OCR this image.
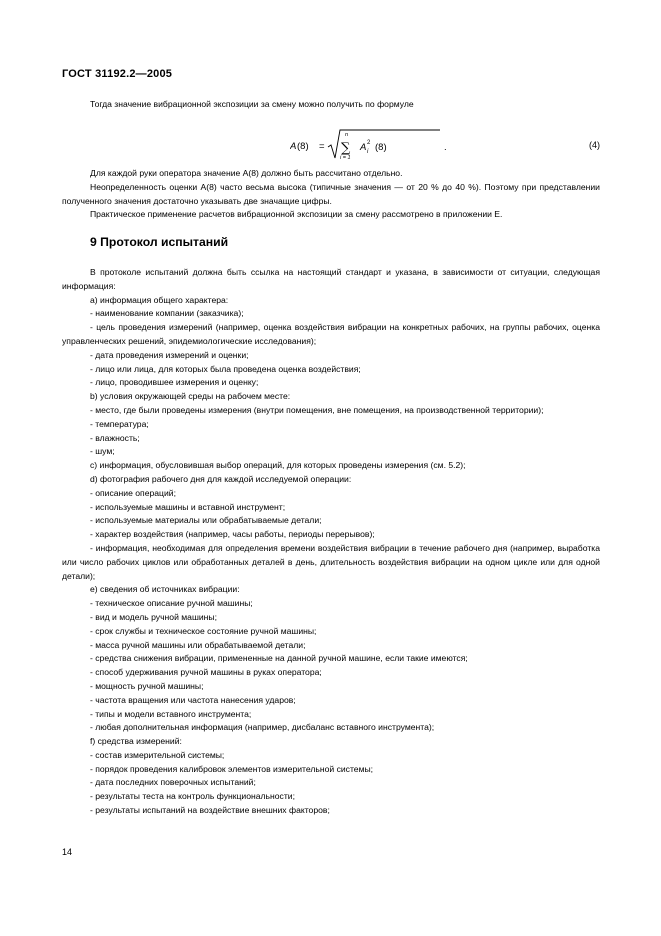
ГОСТ 31192.2—2005

Тогда значение вибрационной экспозиции за смену можно получить по формуле

A (8) =
n
∑
i = 1
A 2
i (8)	.	(4)

Для каждой руки оператора значение A(8) должно быть рассчитано отдельно.

Неопределенность оценки A(8) часто весьма высока (типичные значения — от 20 % до 40 %). Поэтому при представлении полученного значения достаточно указывать две значащие цифры.

Практическое применение расчетов вибрационной экспозиции за смену рассмотрено в приложении Е.

9 Протокол испытаний

В протоколе испытаний должна быть ссылка на настоящий стандарт и указана, в зависимости от ситуации, следующая информация:

а) информация общего характера:

- наименование компании (заказчика);

- цель проведения измерений (например, оценка воздействия вибрации на конкретных рабочих, на группы рабочих, оценка управленческих решений, эпидемиологические исследования);

- дата проведения измерений и оценки;

- лицо или лица, для которых была проведена оценка воздействия;

- лицо, проводившее измерения и оценку;

b) условия окружающей среды на рабочем месте:

- место, где были проведены измерения (внутри помещения, вне помещения, на производственной территории);

- температура;

- влажность;

- шум;

c) информация, обусловившая выбор операций, для которых проведены измерения (см. 5.2);

d) фотография рабочего дня для каждой исследуемой операции:

- описание операций;

- используемые машины и вставной инструмент;

- используемые материалы или обрабатываемые детали;

- характер воздействия (например, часы работы, периоды перерывов);

- информация, необходимая для определения времени воздействия вибрации в течение рабочего дня (например, выработка или число рабочих циклов или обработанных деталей в день, длительность воздействия вибрации на одном цикле или для одной детали);

е) сведения об источниках вибрации:

- техническое описание ручной машины;

- вид и модель ручной машины;

- срок службы и техническое состояние ручной машины;

- масса ручной машины или обрабатываемой детали;

- средства снижения вибрации, примененные на данной ручной машине, если такие имеются;

- способ удерживания ручной машины в руках оператора;

- мощность ручной машины;

- частота вращения или частота нанесения ударов;

- типы и модели вставного инструмента;

- любая дополнительная информация (например, дисбаланс вставного инструмента);

f) средства измерений:

- состав измерительной системы;

- порядок проведения калибровок элементов измерительной системы;

- дата последних поверочных испытаний;

- результаты теста на контроль функциональности;

- результаты испытаний на воздействие внешних факторов;

14
